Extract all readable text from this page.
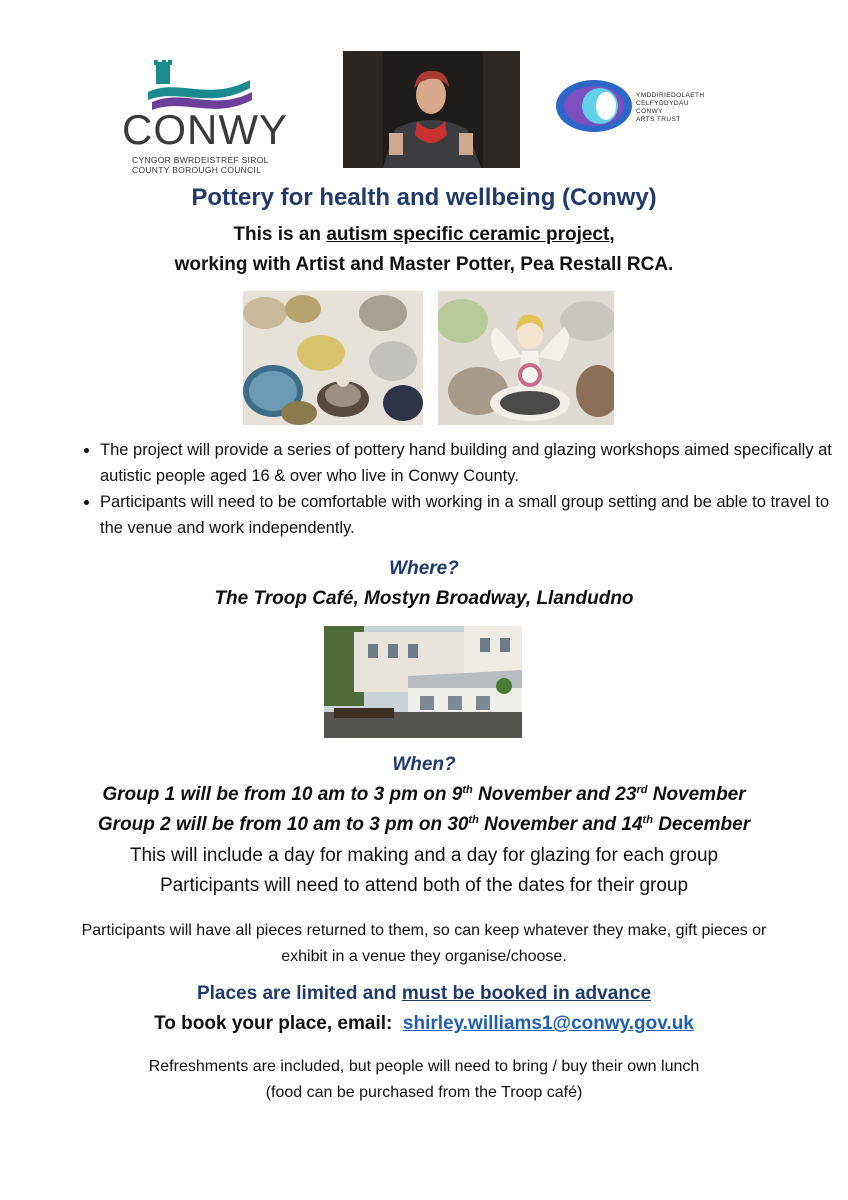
CONWY
CYNGOR BWRDEISTREF SIROL
COUNTY BOROUGH COUNCIL
YMDDIRIEDOLAETH
CELFYDDYDAU
CONWY
ARTS TRUST
Pottery for health and wellbeing (Conwy)
This is an autism specific ceramic project,
working with Artist and Master Potter, Pea Restall RCA.
• The project will provide a series of pottery hand building and glazing workshops aimed specifically at autistic people aged 16 & over who live in Conwy County.
• Participants will need to be comfortable with working in a small group setting and be able to travel to the venue and work independently.
Where?
The Troop Café, Mostyn Broadway, Llandudno
When?
Group 1 will be from 10 am to 3 pm on 9th November and 23rd November
Group 2 will be from 10 am to 3 pm on 30th November and 14th December
This will include a day for making and a day for glazing for each group
Participants will need to attend both of the dates for their group
Participants will have all pieces returned to them, so can keep whatever they make, gift pieces or exhibit in a venue they organise/choose.
Places are limited and must be booked in advance
To book your place, email: shirley.williams1@conwy.gov.uk
Refreshments are included, but people will need to bring / buy their own lunch
(food can be purchased from the Troop café)
